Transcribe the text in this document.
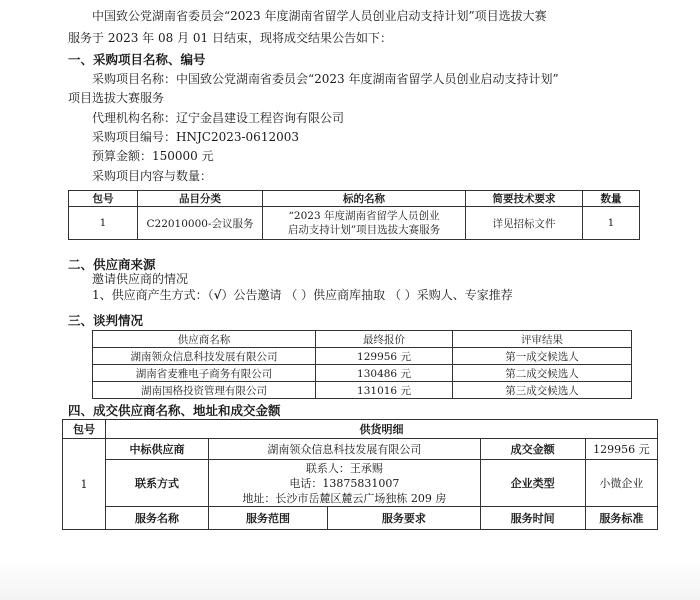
中国致公党湖南省委员会“2023 年度湖南省留学人员创业启动支持计划”项目选拔大赛
服务于 2023 年 08 月 01 日结束，现将成交结果公告如下：
一、采购项目名称、编号
采购项目名称：中国致公党湖南省委员会“2023 年度湖南省留学人员创业启动支持计划”
项目选拔大赛服务
代理机构名称：辽宁金昌建设工程咨询有限公司
采购项目编号：HNJC2023-0612003
预算金额：150000 元
采购项目内容与数量：
包号	品目分类	标的名称	简要技术要求	数量
1	C22010000-会议服务	“2023 年度湖南省留学人员创业
启动支持计划”项目选拔大赛服务	详见招标文件	1
二、供应商来源
邀请供应商的情况
1、供应商产生方式：（√）公告邀请 （ ）供应商库抽取 （ ）采购人、专家推荐
三、谈判情况
供应商名称	最终报价	评审结果
湖南领众信息科技发展有限公司	129956 元	第一成交候选人
湖南省麦雅电子商务有限公司	130486 元	第二成交候选人
湖南国格投资管理有限公司	131016 元	第三成交候选人
四、成交供应商名称、地址和成交金额
包号	供货明细				
1	中标供应商	湖南领众信息科技发展有限公司		成交金额	129956 元
	联系方式	联系人：王承赐
电话：13875831007
地址：长沙市岳麓区麓云广场独栋 209 房		企业类型	小微企业
	服务名称	服务范围	服务要求	服务时间	服务标准
